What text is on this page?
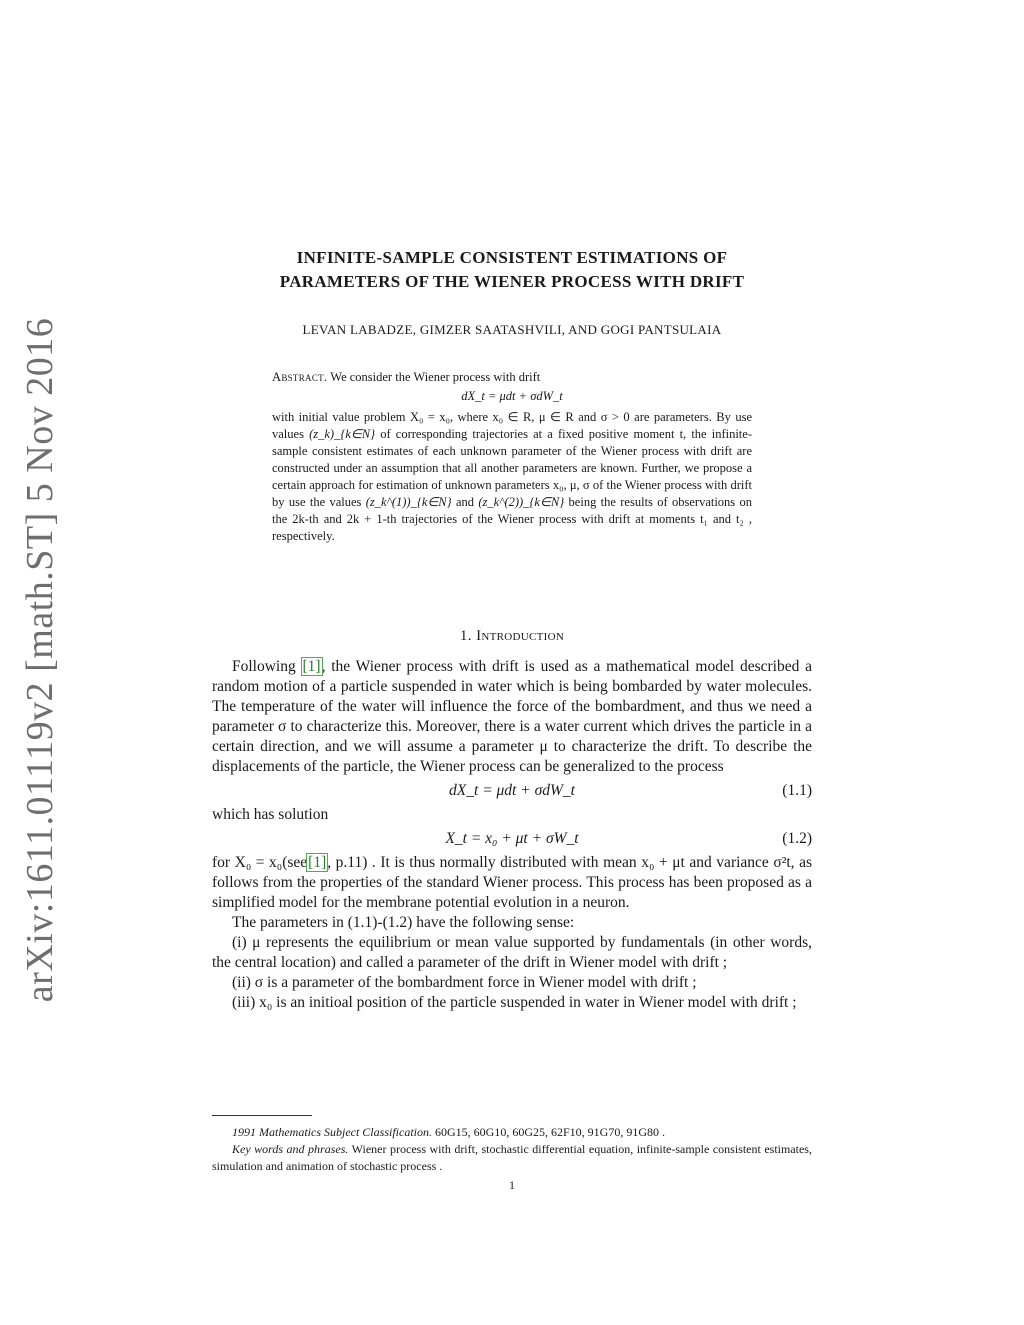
arXiv:1611.01119v2 [math.ST] 5 Nov 2016
INFINITE-SAMPLE CONSISTENT ESTIMATIONS OF
PARAMETERS OF THE WIENER PROCESS WITH DRIFT
LEVAN LABADZE, GIMZER SAATASHVILI, AND GOGI PANTSULAIA

Abstract. We consider the Wiener process with drift

dX_t = μdt + σdW_t

with initial value problem X₀ = x₀, where x₀ ∈ R, μ ∈ R and σ > 0 are parameters. By use values (z_k)_{k∈N} of corresponding trajectories at a fixed positive moment t, the infinite-sample consistent estimates of each unknown parameter of the Wiener process with drift are constructed under an assumption that all another parameters are known. Further, we propose a certain approach for estimation of unknown parameters x₀, μ, σ of the Wiener process with drift by use the values (z_k^(1))_{k∈N} and (z_k^(2))_{k∈N} being the results of observations on the 2k-th and 2k + 1-th trajectories of the Wiener process with drift at moments t₁ and t₂ , respectively.

1. Introduction

Following [1], the Wiener process with drift is used as a mathematical model described a random motion of a particle suspended in water which is being bombarded by water molecules. The temperature of the water will influence the force of the bombardment, and thus we need a parameter σ to characterize this. Moreover, there is a water current which drives the particle in a certain direction, and we will assume a parameter μ to characterize the drift. To describe the displacements of the particle, the Wiener process can be generalized to the process

dX_t = μdt + σdW_t	(1.1)

which has solution

X_t = x₀ + μt + σW_t	(1.2)

for X₀ = x₀(see[1], p.11) . It is thus normally distributed with mean x₀ + μt and variance σ²t, as follows from the properties of the standard Wiener process. This process has been proposed as a simplified model for the membrane potential evolution in a neuron.

The parameters in (1.1)-(1.2) have the following sense:

(i) μ represents the equilibrium or mean value supported by fundamentals (in other words, the central location) and called a parameter of the drift in Wiener model with drift ;

(ii) σ is a parameter of the bombardment force in Wiener model with drift ;

(iii) x₀ is an initioal position of the particle suspended in water in Wiener model with drift ;

1991 Mathematics Subject Classification. 60G15, 60G10, 60G25, 62F10, 91G70, 91G80 .

Key words and phrases. Wiener process with drift, stochastic differential equation, infinite-sample consistent estimates, simulation and animation of stochastic process .

1
